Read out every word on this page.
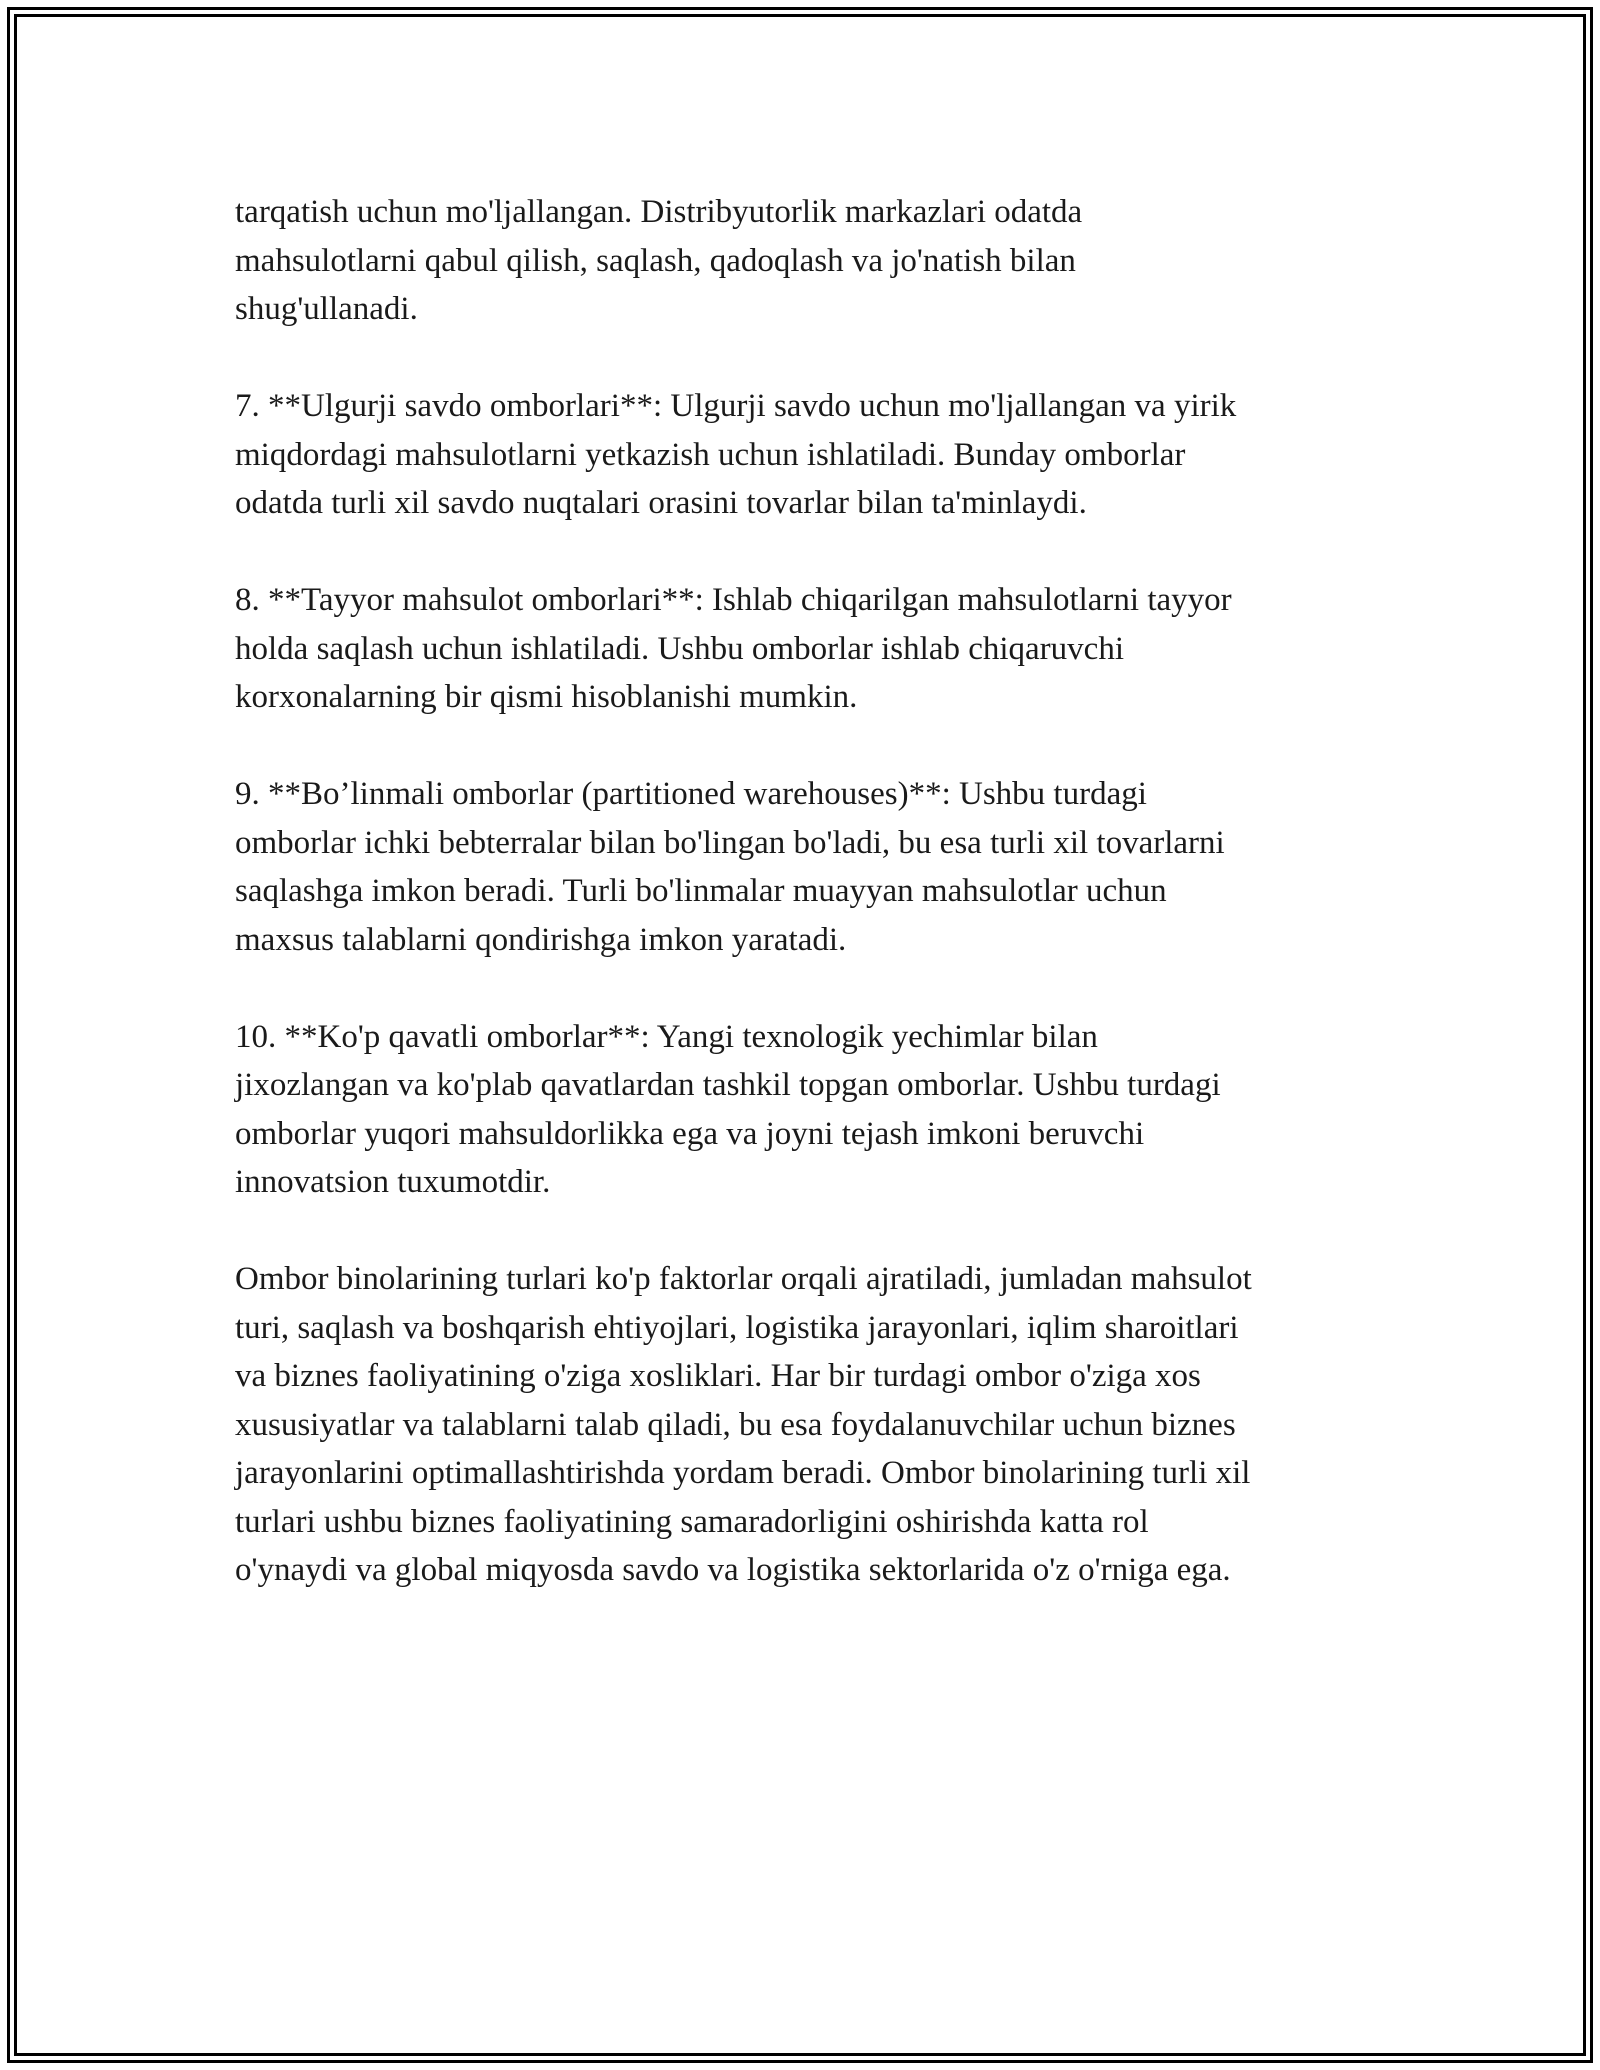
tarqatish uchun mo'ljallangan. Distribyutorlik markazlari odatda
mahsulotlarni qabul qilish, saqlash, qadoqlash va jo'natish bilan
shug'ullanadi.

7. **Ulgurji savdo omborlari**: Ulgurji savdo uchun mo'ljallangan va yirik
miqdordagi mahsulotlarni yetkazish uchun ishlatiladi. Bunday omborlar
odatda turli xil savdo nuqtalari orasini tovarlar bilan ta'minlaydi.

8. **Tayyor mahsulot omborlari**: Ishlab chiqarilgan mahsulotlarni tayyor
holda saqlash uchun ishlatiladi. Ushbu omborlar ishlab chiqaruvchi
korxonalarning bir qismi hisoblanishi mumkin.

9. **Bo’linmali omborlar (partitioned warehouses)**: Ushbu turdagi
omborlar ichki bebterralar bilan bo'lingan bo'ladi, bu esa turli xil tovarlarni
saqlashga imkon beradi. Turli bo'linmalar muayyan mahsulotlar uchun
maxsus talablarni qondirishga imkon yaratadi.

10. **Ko'p qavatli omborlar**: Yangi texnologik yechimlar bilan
jixozlangan va ko'plab qavatlardan tashkil topgan omborlar. Ushbu turdagi
omborlar yuqori mahsuldorlikka ega va joyni tejash imkoni beruvchi
innovatsion tuxumotdir.

Ombor binolarining turlari ko'p faktorlar orqali ajratiladi, jumladan mahsulot
turi, saqlash va boshqarish ehtiyojlari, logistika jarayonlari, iqlim sharoitlari
va biznes faoliyatining o'ziga xosliklari. Har bir turdagi ombor o'ziga xos
xususiyatlar va talablarni talab qiladi, bu esa foydalanuvchilar uchun biznes
jarayonlarini optimallashtirishda yordam beradi. Ombor binolarining turli xil
turlari ushbu biznes faoliyatining samaradorligini oshirishda katta rol
o'ynaydi va global miqyosda savdo va logistika sektorlarida o'z o'rniga ega.
